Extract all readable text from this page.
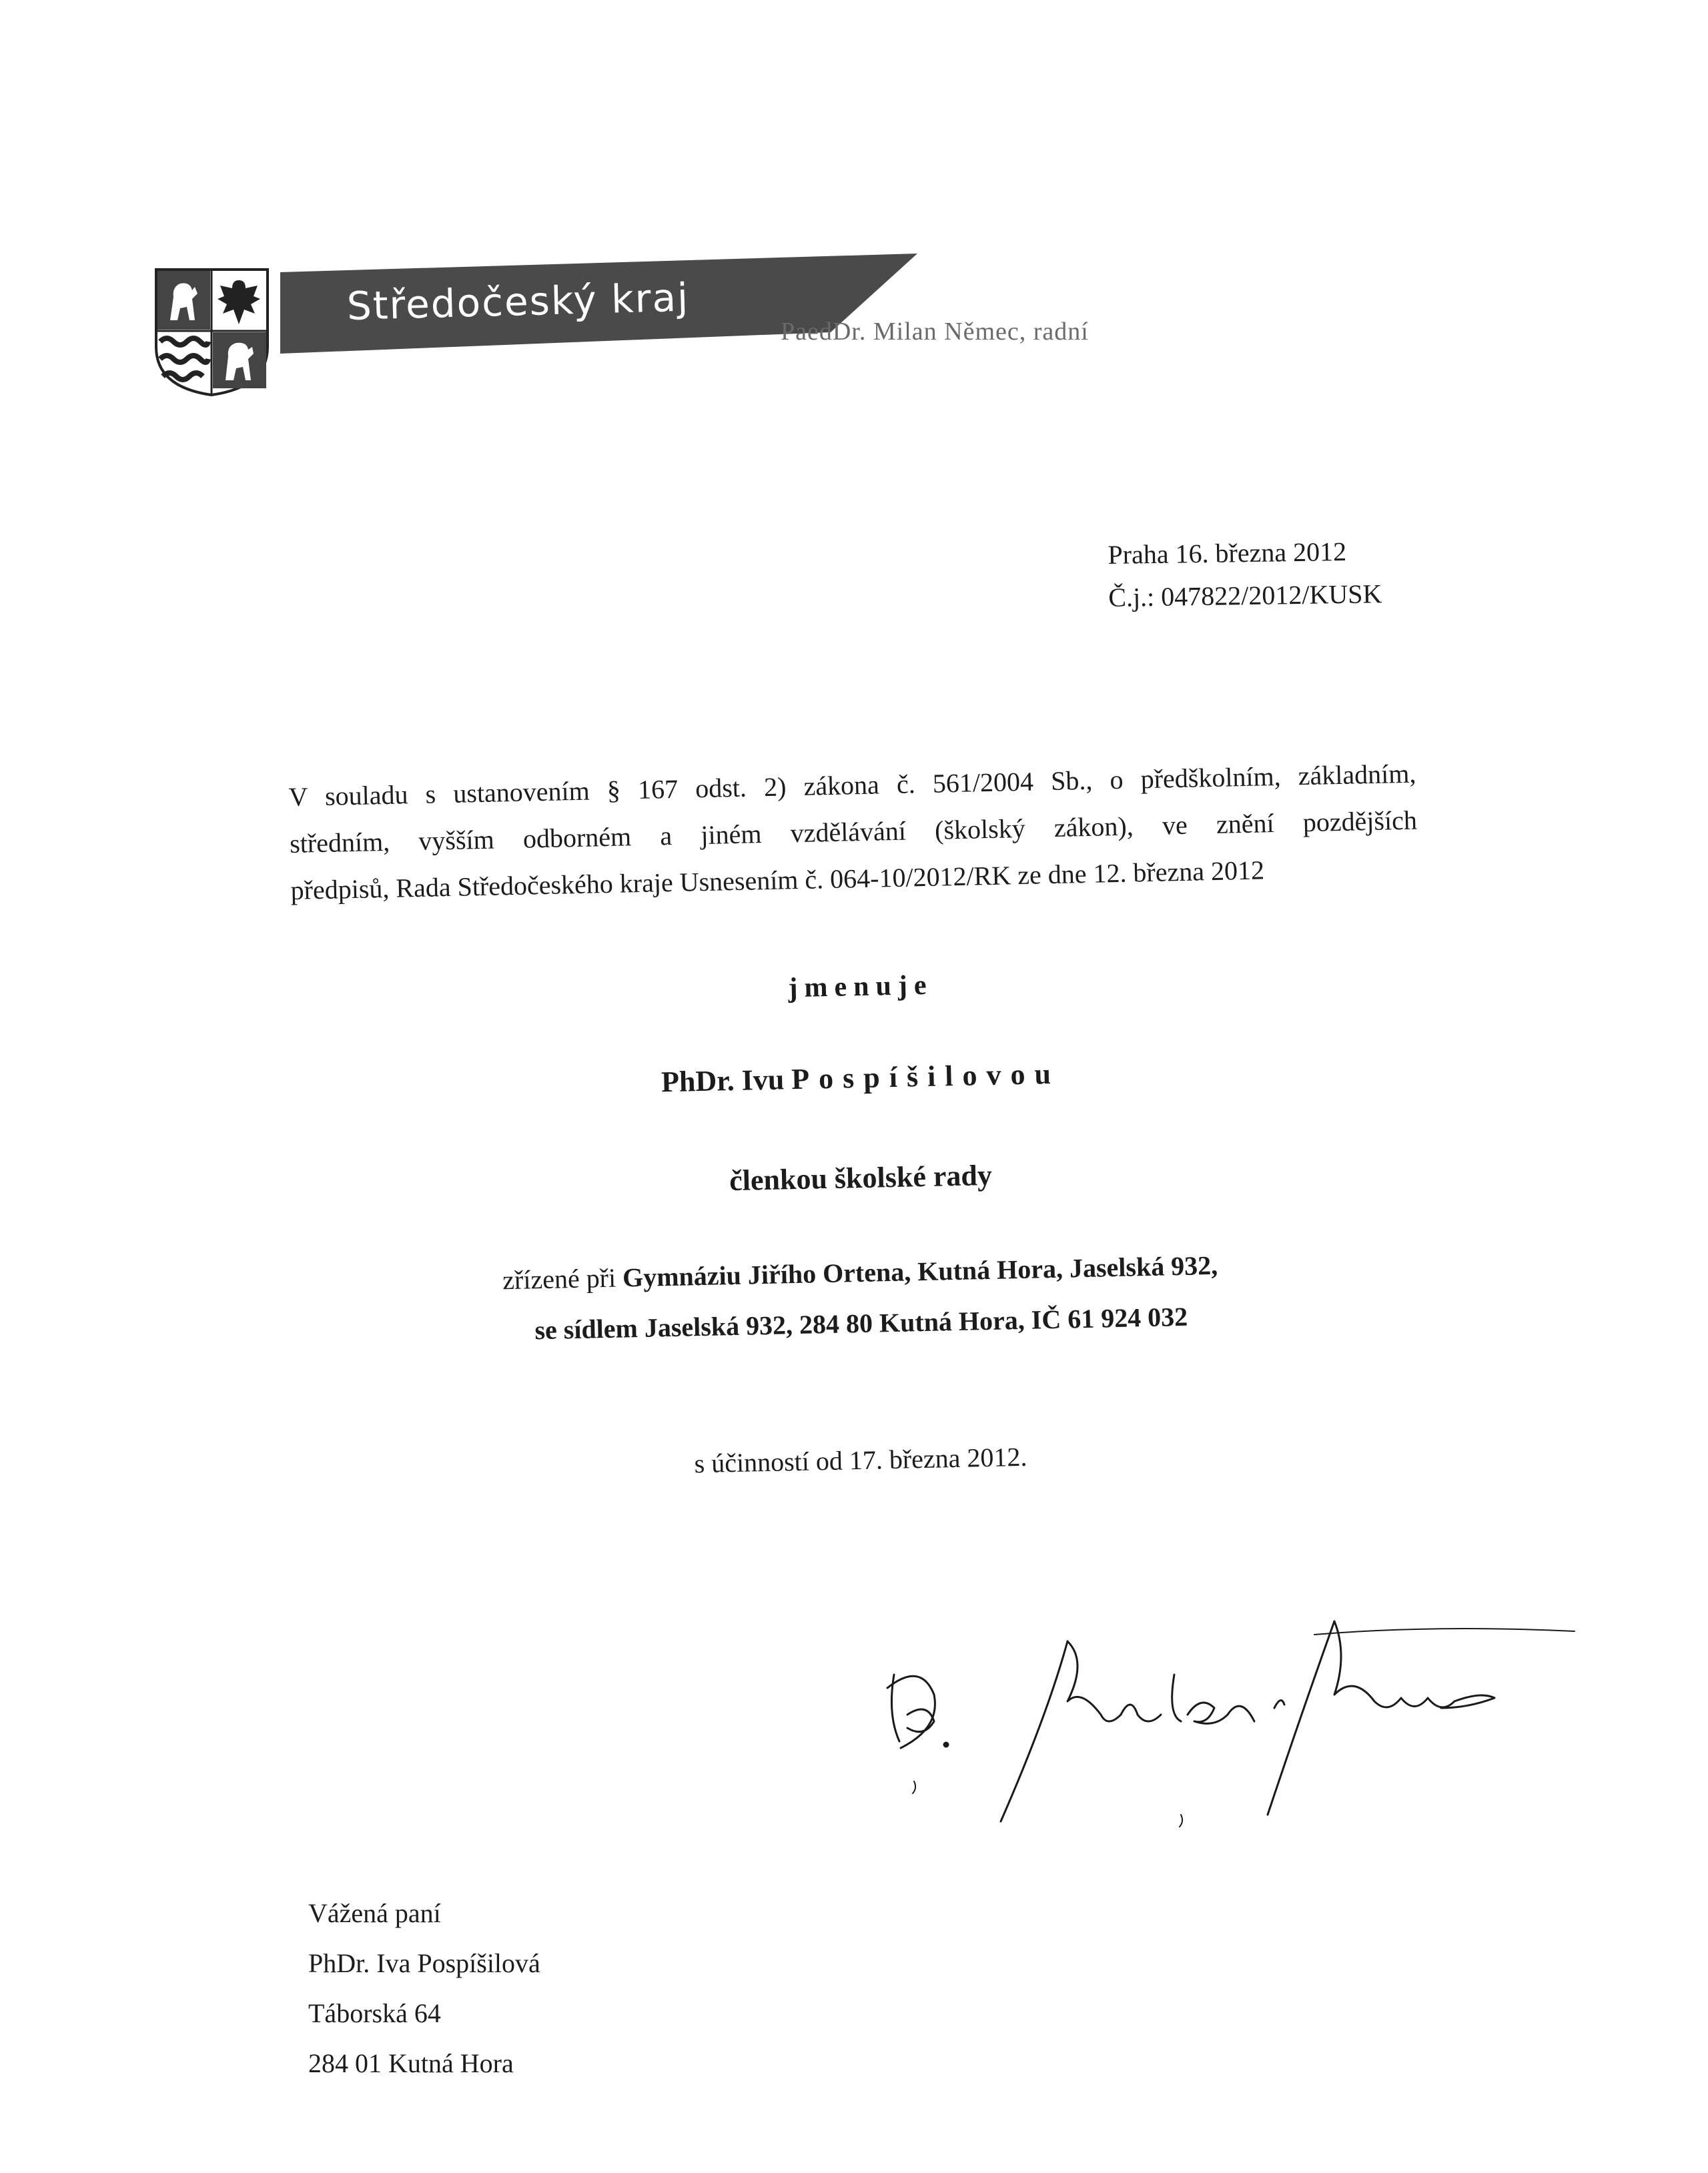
Středočeský kraj
PaedDr. Milan Němec, radní
Praha 16. března 2012
Č.j.: 047822/2012/KUSK
V souladu s ustanovením § 167 odst. 2) zákona č. 561/2004 Sb., o předškolním, základním,
středním, vyšším odborném a jiném vzdělávání (školský zákon), ve znění pozdějších
předpisů, Rada Středočeského kraje Usnesením č. 064-10/2012/RK ze dne 12. března 2012
jmenuje
PhDr. Ivu Pospíšilovou
členkou školské rady
zřízené při Gymnáziu Jiřího Ortena, Kutná Hora, Jaselská 932,
se sídlem Jaselská 932, 284 80 Kutná Hora, IČ 61 924 032
s účinností od 17. března 2012.
Vážená paní
PhDr. Iva Pospíšilová
Táborská 64
284 01 Kutná Hora
